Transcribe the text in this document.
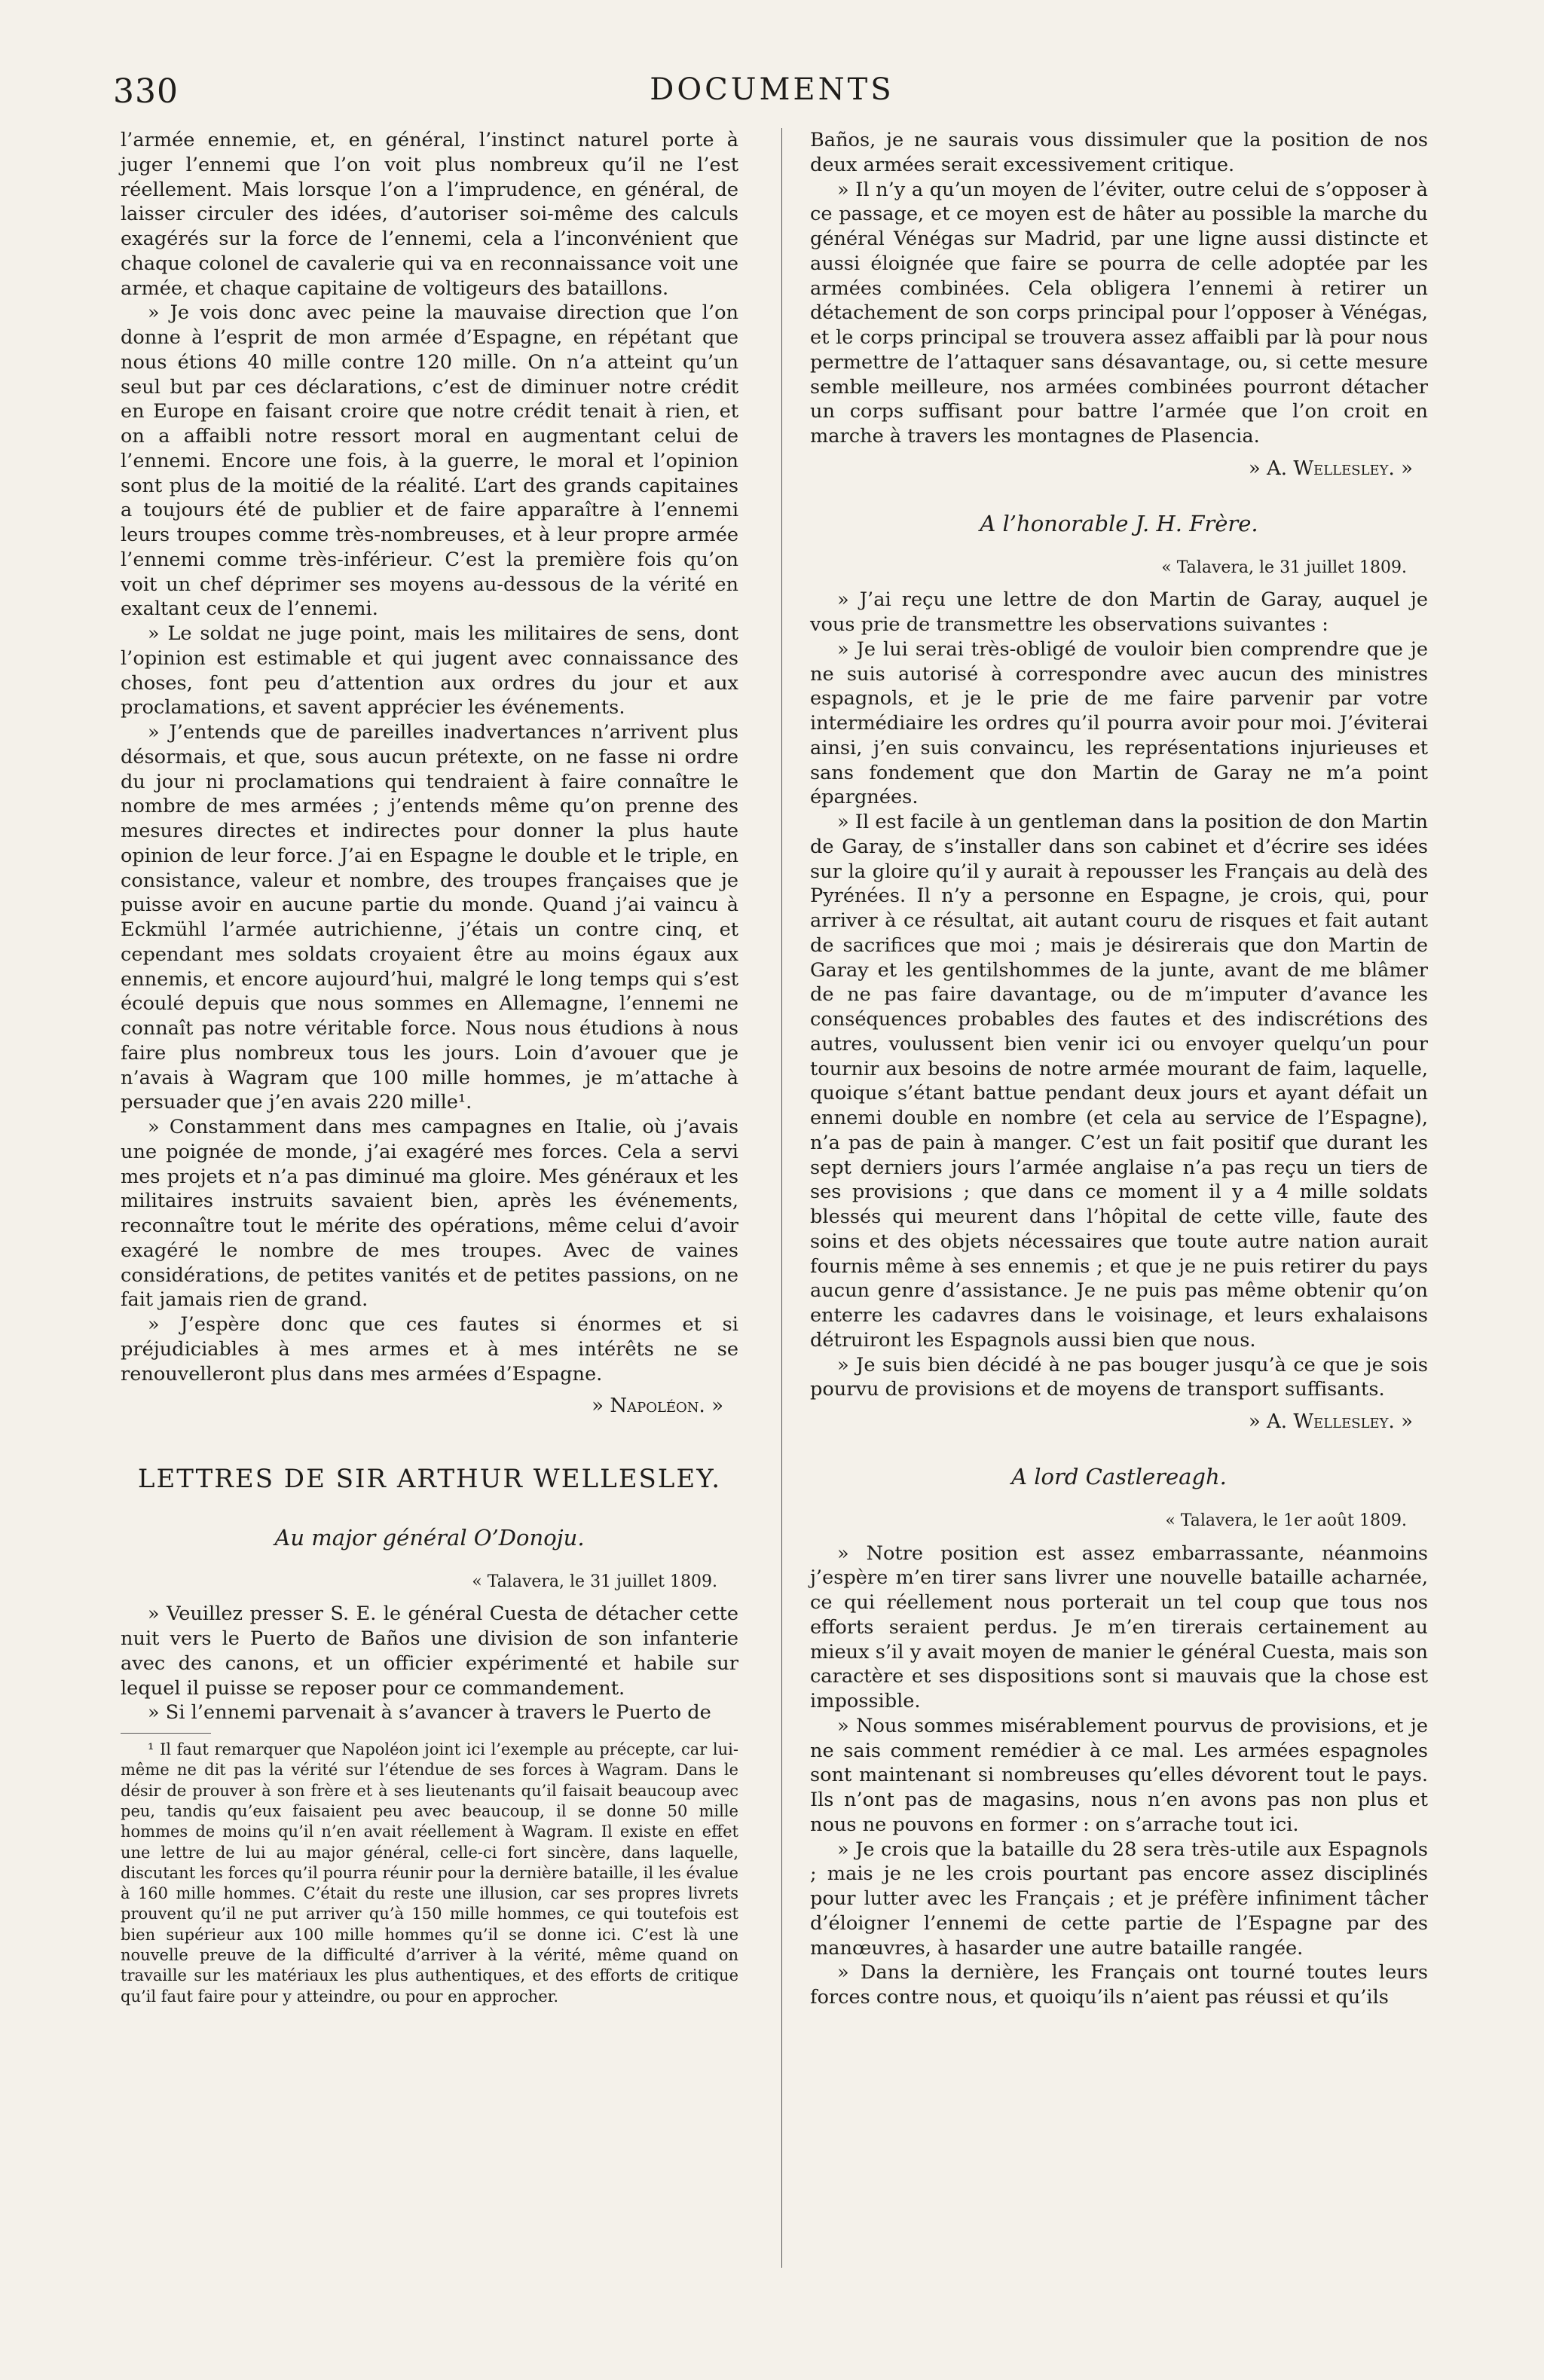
330	DOCUMENTS

l’armée ennemie, et, en général, l’instinct naturel porte à juger l’ennemi que l’on voit plus nombreux qu’il ne l’est réellement. Mais lorsque l’on a l’imprudence, en général, de laisser circuler des idées, d’autoriser soi-même des calculs exagérés sur la force de l’ennemi, cela a l’inconvénient que chaque colonel de cavalerie qui va en reconnaissance voit une armée, et chaque capitaine de voltigeurs des bataillons.

» Je vois donc avec peine la mauvaise direction que l’on donne à l’esprit de mon armée d’Espagne, en répétant que nous étions 40 mille contre 120 mille. On n’a atteint qu’un seul but par ces déclarations, c’est de diminuer notre crédit en Europe en faisant croire que notre crédit tenait à rien, et on a affaibli notre ressort moral en augmentant celui de l’ennemi. Encore une fois, à la guerre, le moral et l’opinion sont plus de la moitié de la réalité. L’art des grands capitaines a toujours été de publier et de faire apparaître à l’ennemi leurs troupes comme très-nombreuses, et à leur propre armée l’ennemi comme très-inférieur. C’est la première fois qu’on voit un chef déprimer ses moyens au-dessous de la vérité en exaltant ceux de l’ennemi.

» Le soldat ne juge point, mais les militaires de sens, dont l’opinion est estimable et qui jugent avec connaissance des choses, font peu d’attention aux ordres du jour et aux proclamations, et savent apprécier les événements.

» J’entends que de pareilles inadvertances n’arrivent plus désormais, et que, sous aucun prétexte, on ne fasse ni ordre du jour ni proclamations qui tendraient à faire connaître le nombre de mes armées ; j’entends même qu’on prenne des mesures directes et indirectes pour donner la plus haute opinion de leur force. J’ai en Espagne le double et le triple, en consistance, valeur et nombre, des troupes françaises que je puisse avoir en aucune partie du monde. Quand j’ai vaincu à Eckmühl l’armée autrichienne, j’étais un contre cinq, et cependant mes soldats croyaient être au moins égaux aux ennemis, et encore aujourd’hui, malgré le long temps qui s’est écoulé depuis que nous sommes en Allemagne, l’ennemi ne connaît pas notre véritable force. Nous nous étudions à nous faire plus nombreux tous les jours. Loin d’avouer que je n’avais à Wagram que 100 mille hommes, je m’attache à persuader que j’en avais 220 mille¹.

» Constamment dans mes campagnes en Italie, où j’avais une poignée de monde, j’ai exagéré mes forces. Cela a servi mes projets et n’a pas diminué ma gloire. Mes généraux et les militaires instruits savaient bien, après les événements, reconnaître tout le mérite des opérations, même celui d’avoir exagéré le nombre de mes troupes. Avec de vaines considérations, de petites vanités et de petites passions, on ne fait jamais rien de grand.

» J’espère donc que ces fautes si énormes et si préjudiciables à mes armes et à mes intérêts ne se renouvelleront plus dans mes armées d’Espagne.

» Napoléon. »
LETTRES DE SIR ARTHUR WELLESLEY.
Au major général O’Donoju.
« Talavera, le 31 juillet 1809.

» Veuillez presser S. E. le général Cuesta de détacher cette nuit vers le Puerto de Baños une division de son infanterie avec des canons, et un officier expérimenté et habile sur lequel il puisse se reposer pour ce commandement.

» Si l’ennemi parvenait à s’avancer à travers le Puerto de

¹ Il faut remarquer que Napoléon joint ici l’exemple au précepte, car lui-même ne dit pas la vérité sur l’étendue de ses forces à Wagram. Dans le désir de prouver à son frère et à ses lieutenants qu’il faisait beaucoup avec peu, tandis qu’eux faisaient peu avec beaucoup, il se donne 50 mille hommes de moins qu’il n’en avait réellement à Wagram. Il existe en effet une lettre de lui au major général, celle-ci fort sincère, dans laquelle, discutant les forces qu’il pourra réunir pour la dernière bataille, il les évalue à 160 mille hommes. C’était du reste une illusion, car ses propres livrets prouvent qu’il ne put arriver qu’à 150 mille hommes, ce qui toutefois est bien supérieur aux 100 mille hommes qu’il se donne ici. C’est là une nouvelle preuve de la difficulté d’arriver à la vérité, même quand on travaille sur les matériaux les plus authentiques, et des efforts de critique qu’il faut faire pour y atteindre, ou pour en approcher.

Baños, je ne saurais vous dissimuler que la position de nos deux armées serait excessivement critique.

» Il n’y a qu’un moyen de l’éviter, outre celui de s’opposer à ce passage, et ce moyen est de hâter au possible la marche du général Vénégas sur Madrid, par une ligne aussi distincte et aussi éloignée que faire se pourra de celle adoptée par les armées combinées. Cela obligera l’ennemi à retirer un détachement de son corps principal pour l’opposer à Vénégas, et le corps principal se trouvera assez affaibli par là pour nous permettre de l’attaquer sans désavantage, ou, si cette mesure semble meilleure, nos armées combinées pourront détacher un corps suffisant pour battre l’armée que l’on croit en marche à travers les montagnes de Plasencia.

» A. Wellesley. »
A l’honorable J. H. Frère.
« Talavera, le 31 juillet 1809.

» J’ai reçu une lettre de don Martin de Garay, auquel je vous prie de transmettre les observations suivantes :

» Je lui serai très-obligé de vouloir bien comprendre que je ne suis autorisé à correspondre avec aucun des ministres espagnols, et je le prie de me faire parvenir par votre intermédiaire les ordres qu’il pourra avoir pour moi. J’éviterai ainsi, j’en suis convaincu, les représentations injurieuses et sans fondement que don Martin de Garay ne m’a point épargnées.

» Il est facile à un gentleman dans la position de don Martin de Garay, de s’installer dans son cabinet et d’écrire ses idées sur la gloire qu’il y aurait à repousser les Français au delà des Pyrénées. Il n’y a personne en Espagne, je crois, qui, pour arriver à ce résultat, ait autant couru de risques et fait autant de sacrifices que moi ; mais je désirerais que don Martin de Garay et les gentilshommes de la junte, avant de me blâmer de ne pas faire davantage, ou de m’imputer d’avance les conséquences probables des fautes et des indiscrétions des autres, voulussent bien venir ici ou envoyer quelqu’un pour tournir aux besoins de notre armée mourant de faim, laquelle, quoique s’étant battue pendant deux jours et ayant défait un ennemi double en nombre (et cela au service de l’Espagne), n’a pas de pain à manger. C’est un fait positif que durant les sept derniers jours l’armée anglaise n’a pas reçu un tiers de ses provisions ; que dans ce moment il y a 4 mille soldats blessés qui meurent dans l’hôpital de cette ville, faute des soins et des objets nécessaires que toute autre nation aurait fournis même à ses ennemis ; et que je ne puis retirer du pays aucun genre d’assistance. Je ne puis pas même obtenir qu’on enterre les cadavres dans le voisinage, et leurs exhalaisons détruiront les Espagnols aussi bien que nous.

» Je suis bien décidé à ne pas bouger jusqu’à ce que je sois pourvu de provisions et de moyens de transport suffisants.

» A. Wellesley. »
A lord Castlereagh.
« Talavera, le 1er août 1809.

» Notre position est assez embarrassante, néanmoins j’espère m’en tirer sans livrer une nouvelle bataille acharnée, ce qui réellement nous porterait un tel coup que tous nos efforts seraient perdus. Je m’en tirerais certainement au mieux s’il y avait moyen de manier le général Cuesta, mais son caractère et ses dispositions sont si mauvais que la chose est impossible.

» Nous sommes misérablement pourvus de provisions, et je ne sais comment remédier à ce mal. Les armées espagnoles sont maintenant si nombreuses qu’elles dévorent tout le pays. Ils n’ont pas de magasins, nous n’en avons pas non plus et nous ne pouvons en former : on s’arrache tout ici.

» Je crois que la bataille du 28 sera très-utile aux Espagnols ; mais je ne les crois pourtant pas encore assez disciplinés pour lutter avec les Français ; et je préfère infiniment tâcher d’éloigner l’ennemi de cette partie de l’Espagne par des manœuvres, à hasarder une autre bataille rangée.

» Dans la dernière, les Français ont tourné toutes leurs forces contre nous, et quoiqu’ils n’aient pas réussi et qu’ils
